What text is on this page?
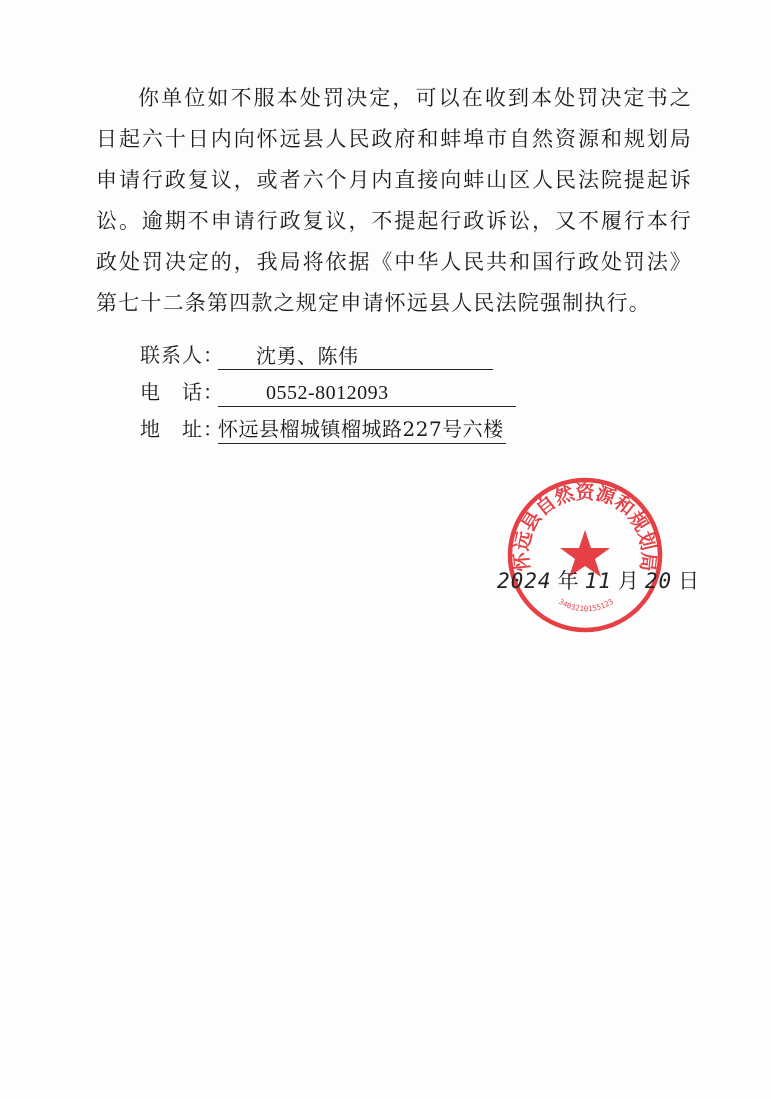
你单位如不服本处罚决定，可以在收到本处罚决定书之日起六十日内向怀远县人民政府和蚌埠市自然资源和规划局申请行政复议，或者六个月内直接向蚌山区人民法院提起诉讼。逾期不申请行政复议，不提起行政诉讼，又不履行本行政处罚决定的，我局将依据《中华人民共和国行政处罚法》第七十二条第四款之规定申请怀远县人民法院强制执行。

联系人：	沈勇、陈伟
电　话：	0552-8012093
地　址：
怀远县榴城镇榴城路227号六楼
怀远县自然资源和规划局
3403210155123
2024 年 11 月 20 日
